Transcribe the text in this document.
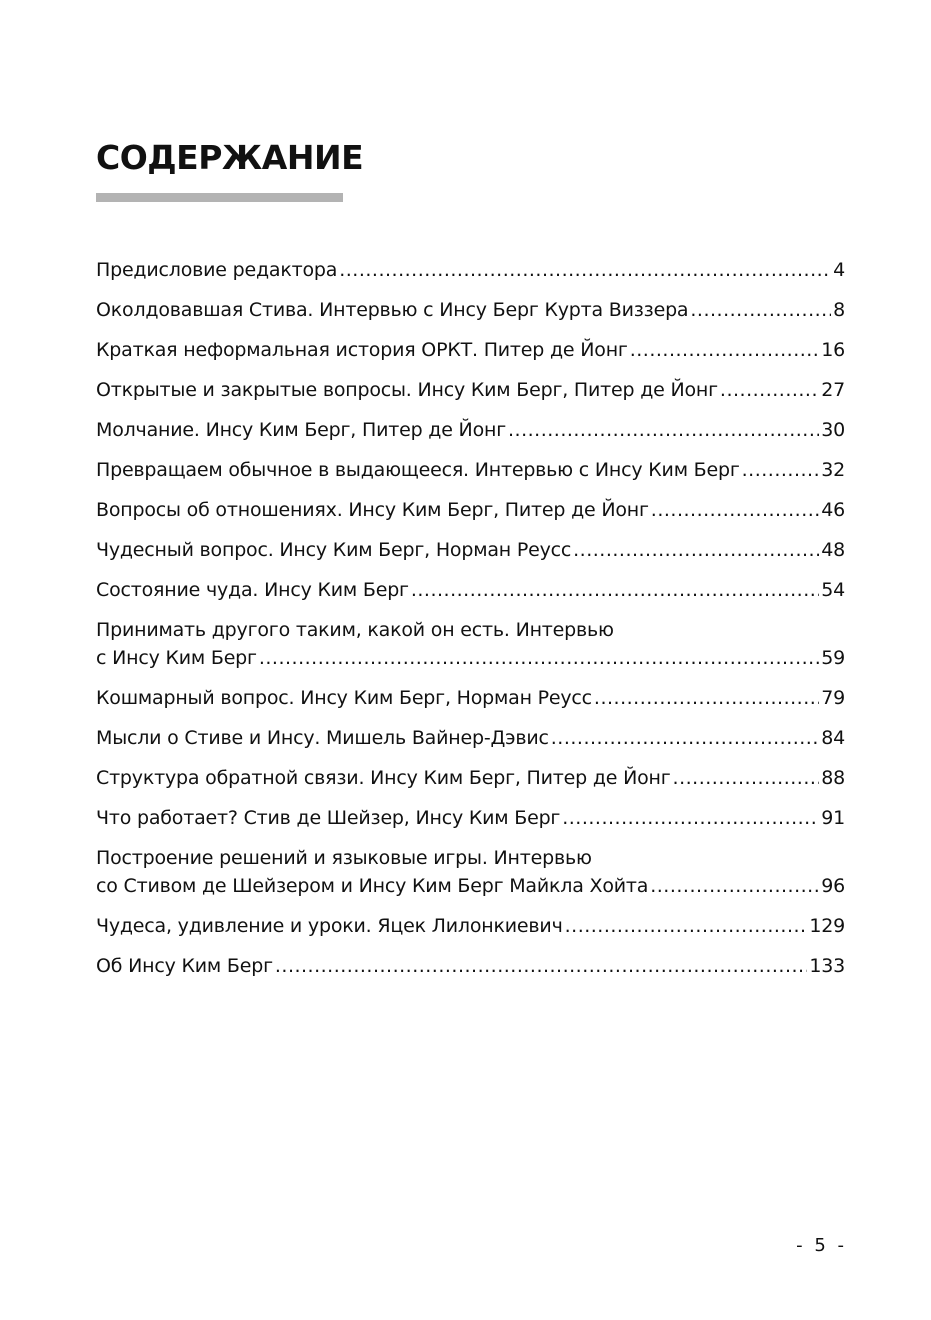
СОДЕРЖАНИЕ
Предисловие редактора .....	4
Околдовавшая Стива. Интервью с Инсу Берг Курта Виззера .....	8
Краткая неформальная история ОРКТ. Питер де Йонг .....	16
Открытые и закрытые вопросы. Инсу Ким Берг, Питер де Йонг .....	27
Молчание. Инсу Ким Берг, Питер де Йонг .....	30
Превращаем обычное в выдающееся. Интервью с Инсу Ким Берг .....	32
Вопросы об отношениях. Инсу Ким Берг, Питер де Йонг .....	46
Чудесный вопрос. Инсу Ким Берг, Норман Реусс .....	48
Состояние чуда. Инсу Ким Берг .....	54
Принимать другого таким, какой он есть. Интервью
с Инсу Ким Берг .....	59
Кошмарный вопрос. Инсу Ким Берг, Норман Реусс .....	79
Мысли о Стиве и Инсу. Мишель Вайнер-Дэвис .....	84
Структура обратной связи. Инсу Ким Берг, Питер де Йонг .....	88
Что работает? Стив де Шейзер, Инсу Ким Берг .....	91
Построение решений и языковые игры. Интервью
со Стивом де Шейзером и Инсу Ким Берг Майкла Хойта .....	96
Чудеса, удивление и уроки. Яцек Лилонкиевич .....	129
Об Инсу Ким Берг .....	133
- 5 -
